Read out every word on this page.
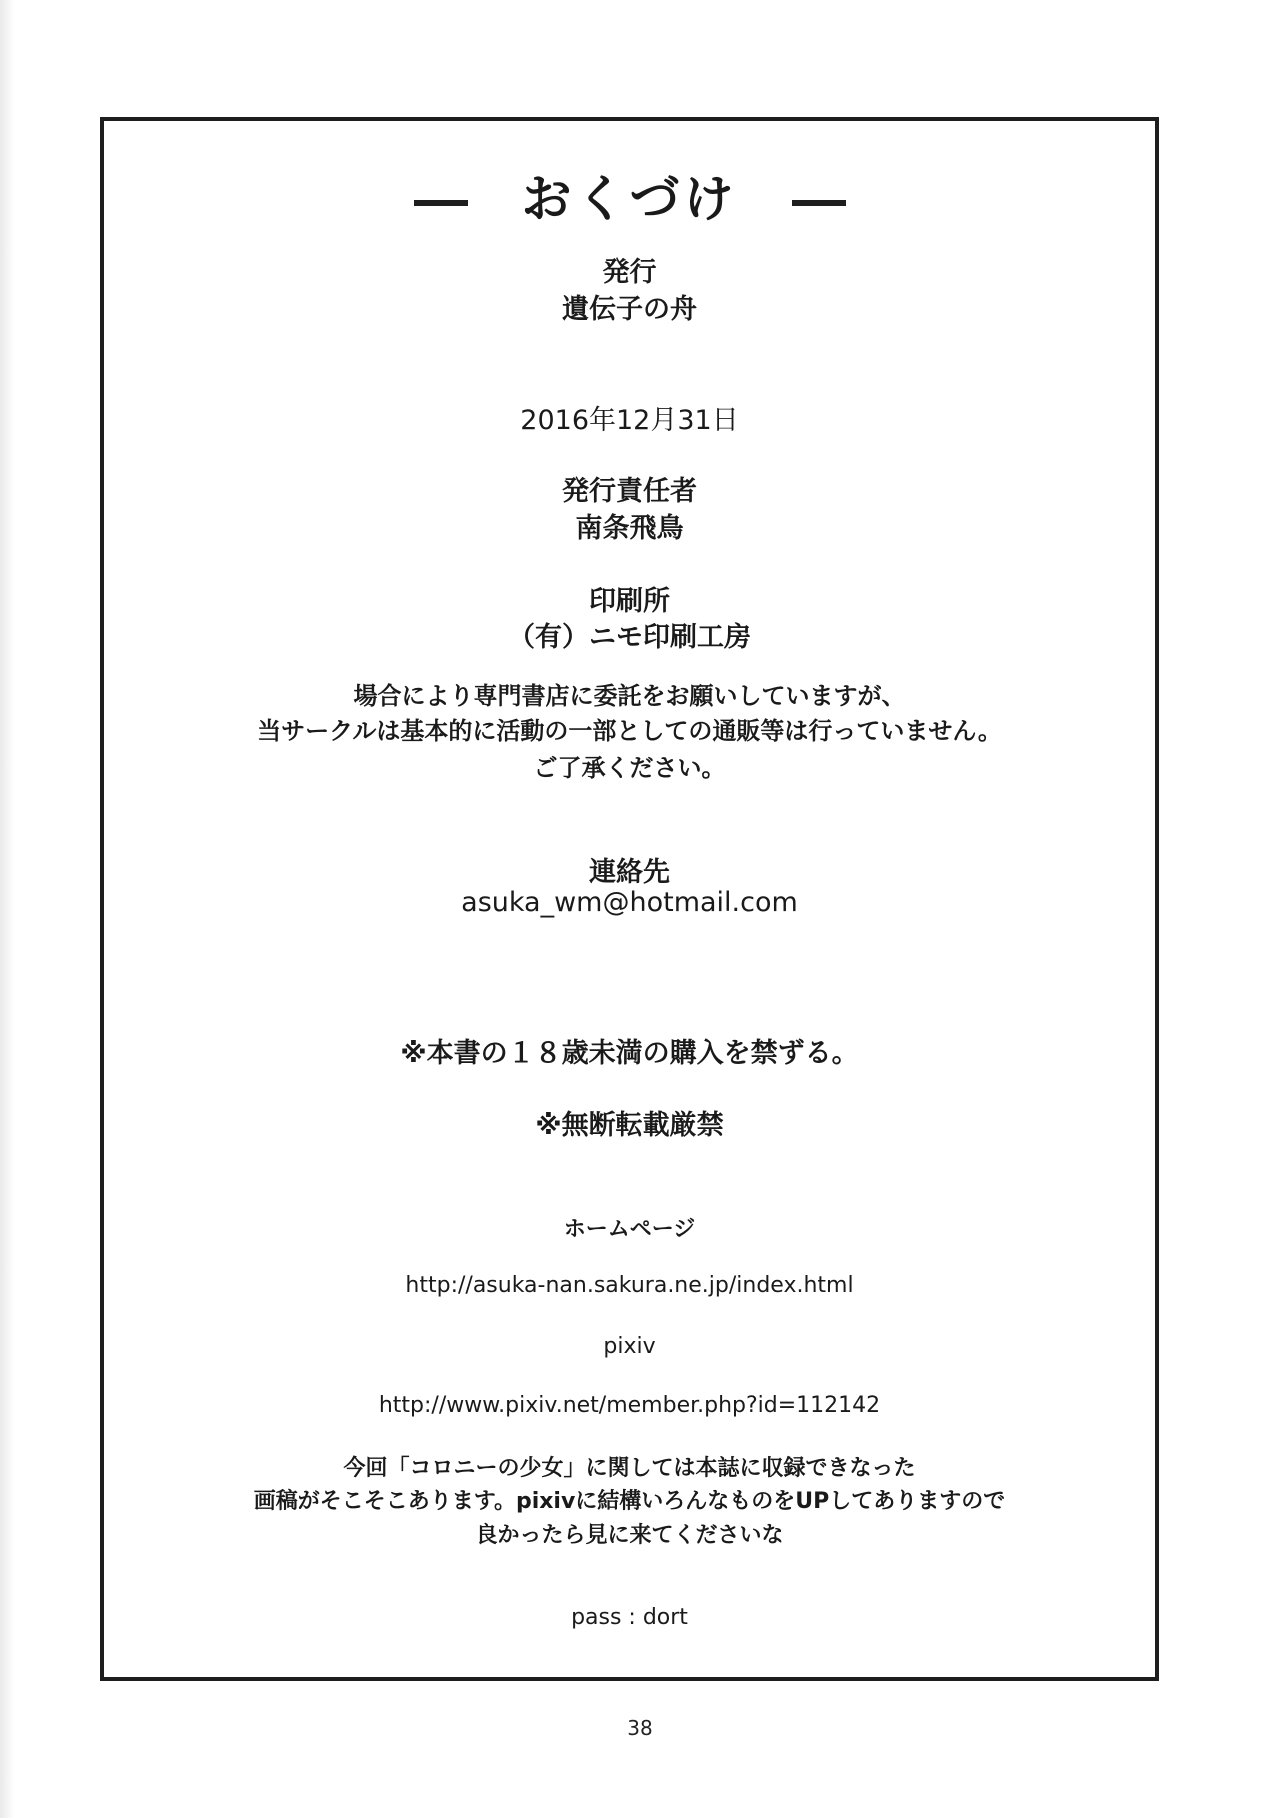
おくづけ
発行
遺伝子の舟
2016年12月31日
発行責任者
南条飛鳥
印刷所
（有）ニモ印刷工房
場合により専門書店に委託をお願いしていますが、
当サークルは基本的に活動の一部としての通販等は行っていません。
ご了承ください。
連絡先
asuka_wm@hotmail.com
※本書の１８歳未満の購入を禁ずる。
※無断転載厳禁
ホームページ
http://asuka-nan.sakura.ne.jp/index.html
pixiv
http://www.pixiv.net/member.php?id=112142
今回「コロニーの少女」に関しては本誌に収録できなった
画稿がそこそこあります。pixivに結構いろんなものをUPしてありますので
良かったら見に来てくださいな
pass : dort
38
